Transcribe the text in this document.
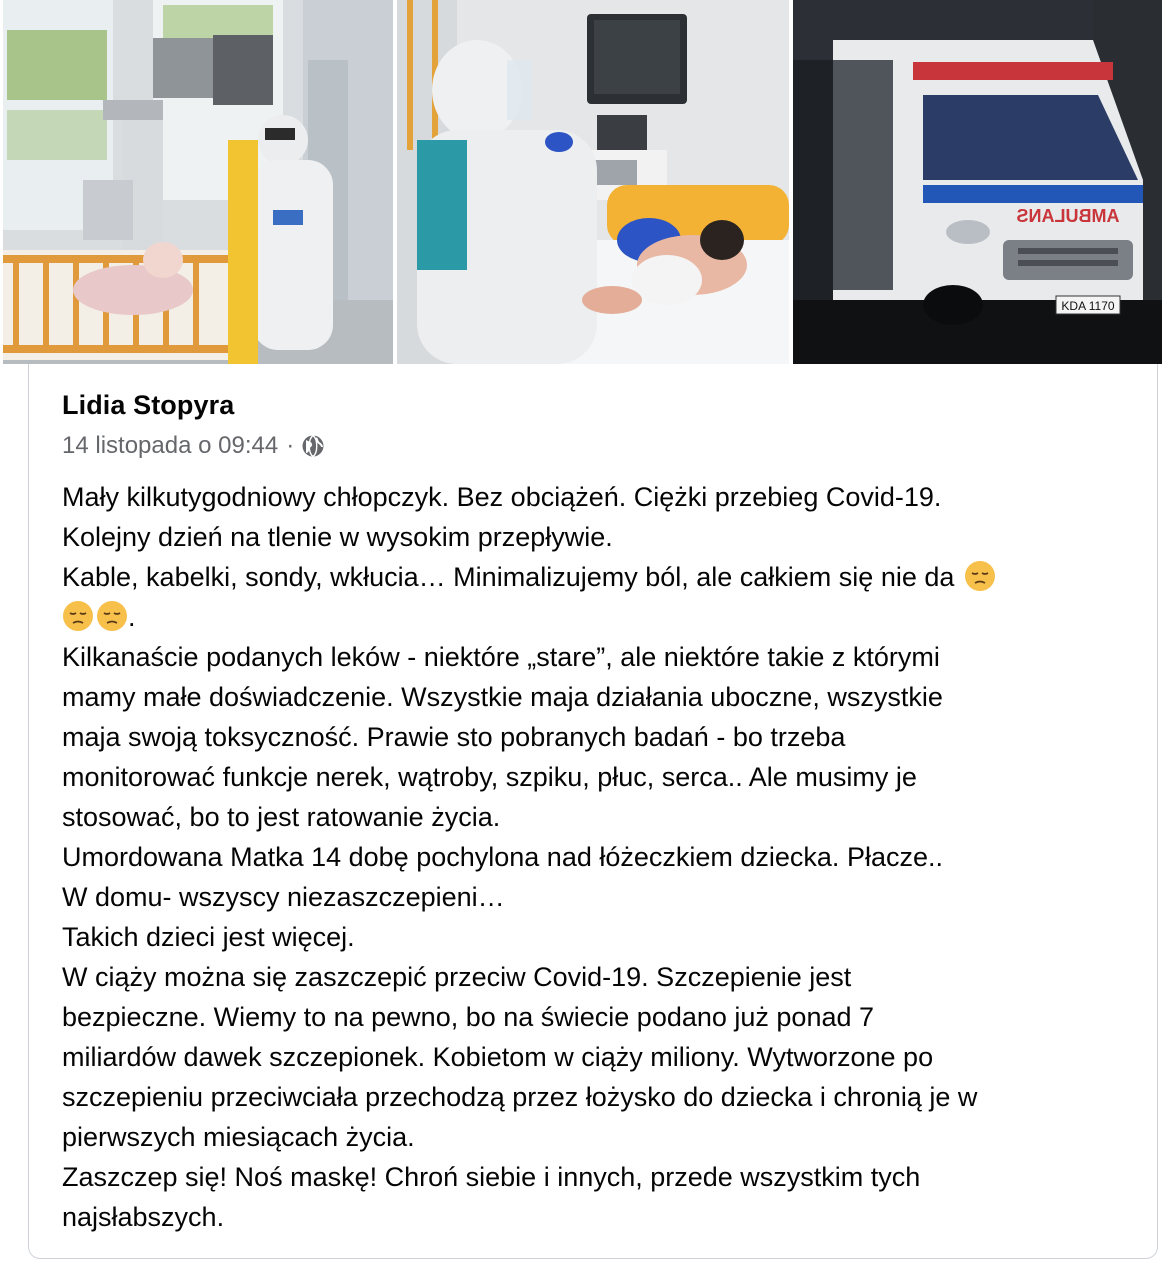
AMBULANS
KDA 1170
Lidia Stopyra
14 listopada o 09:44 ·
Mały kilkutygodniowy chłopczyk. Bez obciążeń. Ciężki przebieg Covid-19.
Kolejny dzień na tlenie w wysokim przepływie.
Kable, kabelki, sondy, wkłucia… Minimalizujemy ból, ale całkiem się nie da
.
Kilkanaście podanych leków - niektóre „stare”, ale niektóre takie z którymi
mamy małe doświadczenie. Wszystkie maja działania uboczne, wszystkie
maja swoją toksyczność. Prawie sto pobranych badań - bo trzeba
monitorować funkcje nerek, wątroby, szpiku, płuc, serca.. Ale musimy je
stosować, bo to jest ratowanie życia.
Umordowana Matka 14 dobę pochylona nad łóżeczkiem dziecka. Płacze..
W domu- wszyscy niezaszczepieni…
Takich dzieci jest więcej.
W ciąży można się zaszczepić przeciw Covid-19. Szczepienie jest
bezpieczne. Wiemy to na pewno, bo na świecie podano już ponad 7
miliardów dawek szczepionek. Kobietom w ciąży miliony. Wytworzone po
szczepieniu przeciwciała przechodzą przez łożysko do dziecka i chronią je w
pierwszych miesiącach życia.
Zaszczep się! Noś maskę! Chroń siebie i innych, przede wszystkim tych
najsłabszych.
